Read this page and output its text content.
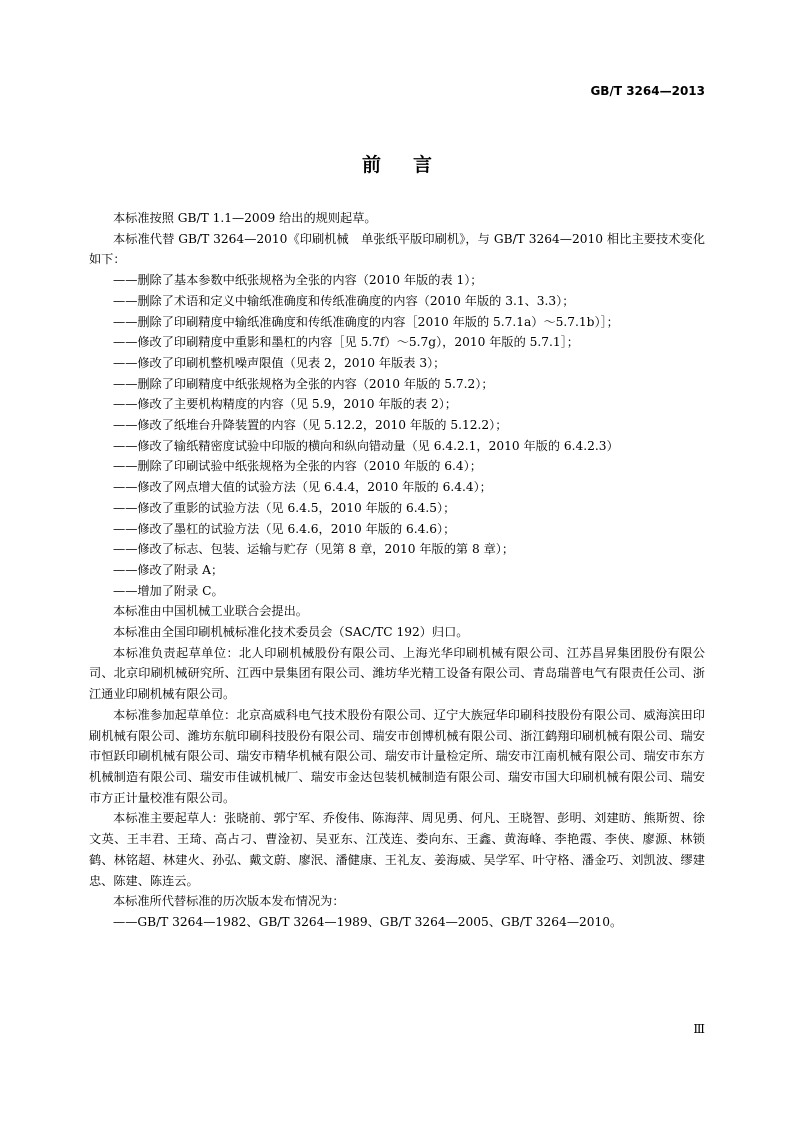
GB/T 3264—2013
前言

本标准按照 GB/T 1.1—2009 给出的规则起草。

本标准代替 GB/T 3264—2010《印刷机械　单张纸平版印刷机》，与 GB/T 3264—2010 相比主要技术变化如下：

——删除了基本参数中纸张规格为全张的内容（2010 年版的表 1）；

——删除了术语和定义中输纸准确度和传纸准确度的内容（2010 年版的 3.1、3.3）；

——删除了印刷精度中输纸准确度和传纸准确度的内容［2010 年版的 5.7.1a）～5.7.1b）］；

——修改了印刷精度中重影和墨杠的内容［见 5.7f）～5.7g），2010 年版的 5.7.1］；

——修改了印刷机整机噪声限值（见表 2，2010 年版表 3）；

——删除了印刷精度中纸张规格为全张的内容（2010 年版的 5.7.2）；

——修改了主要机构精度的内容（见 5.9，2010 年版的表 2）；

——修改了纸堆台升降装置的内容（见 5.12.2，2010 年版的 5.12.2）；

——修改了输纸精密度试验中印版的横向和纵向错动量（见 6.4.2.1，2010 年版的 6.4.2.3）

——删除了印刷试验中纸张规格为全张的内容（2010 年版的 6.4）；

——修改了网点增大值的试验方法（见 6.4.4，2010 年版的 6.4.4）；

——修改了重影的试验方法（见 6.4.5，2010 年版的 6.4.5）；

——修改了墨杠的试验方法（见 6.4.6，2010 年版的 6.4.6）；

——修改了标志、包装、运输与贮存（见第 8 章，2010 年版的第 8 章）；

——修改了附录 A；

——增加了附录 C。

本标准由中国机械工业联合会提出。

本标准由全国印刷机械标准化技术委员会（SAC/TC 192）归口。

本标准负责起草单位：北人印刷机械股份有限公司、上海光华印刷机械有限公司、江苏昌昇集团股份有限公司、北京印刷机械研究所、江西中景集团有限公司、潍坊华光精工设备有限公司、青岛瑞普电气有限责任公司、浙江通业印刷机械有限公司。

本标准参加起草单位：北京高威科电气技术股份有限公司、辽宁大族冠华印刷科技股份有限公司、威海滨田印刷机械有限公司、潍坊东航印刷科技股份有限公司、瑞安市创博机械有限公司、浙江鹤翔印刷机械有限公司、瑞安市恒跃印刷机械有限公司、瑞安市精华机械有限公司、瑞安市计量检定所、瑞安市江南机械有限公司、瑞安市东方机械制造有限公司、瑞安市佳诚机械厂、瑞安市金达包装机械制造有限公司、瑞安市国大印刷机械有限公司、瑞安市方正计量校准有限公司。

本标准主要起草人：张晓前、郭宁军、乔俊伟、陈海萍、周见勇、何凡、王晓智、彭明、刘建昉、熊斯贺、徐文英、王丰君、王琦、高占刁、曹淦初、吴亚东、江茂连、娄向东、王鑫、黄海峰、李艳霞、李侠、廖源、林锁鹤、林铭超、林建火、孙弘、戴文蔚、廖泯、潘健康、王礼友、姜海威、吴学军、叶守格、潘金巧、刘凯波、缪建忠、陈建、陈连云。

本标准所代替标准的历次版本发布情况为：

——GB/T 3264—1982、GB/T 3264—1989、GB/T 3264—2005、GB/T 3264—2010。

Ⅲ
